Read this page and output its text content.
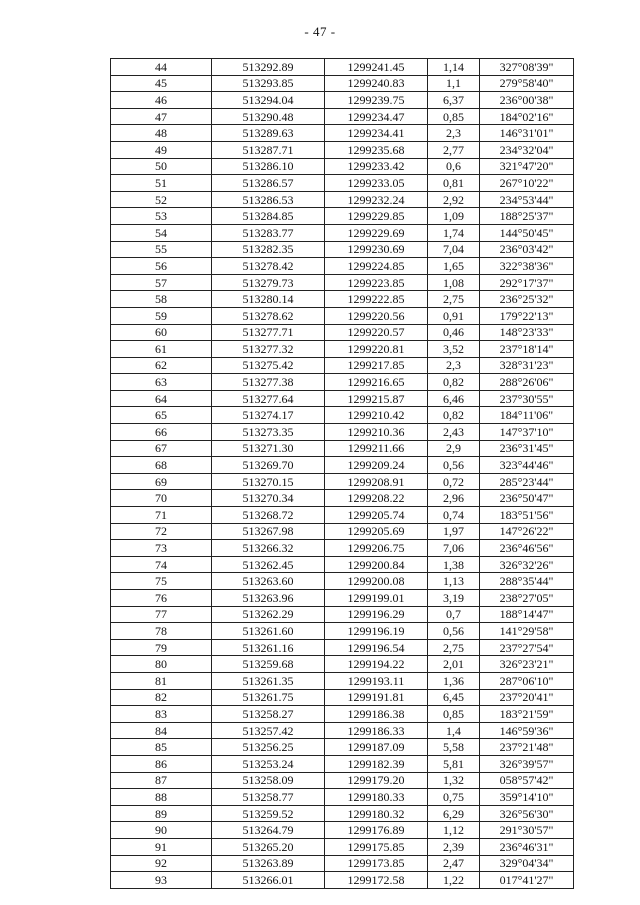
- 47 -
44	513292.89	1299241.45	1,14	327°08'39"
45	513293.85	1299240.83	1,1	279°58'40"
46	513294.04	1299239.75	6,37	236°00'38"
47	513290.48	1299234.47	0,85	184°02'16"
48	513289.63	1299234.41	2,3	146°31'01"
49	513287.71	1299235.68	2,77	234°32'04"
50	513286.10	1299233.42	0,6	321°47'20"
51	513286.57	1299233.05	0,81	267°10'22"
52	513286.53	1299232.24	2,92	234°53'44"
53	513284.85	1299229.85	1,09	188°25'37"
54	513283.77	1299229.69	1,74	144°50'45"
55	513282.35	1299230.69	7,04	236°03'42"
56	513278.42	1299224.85	1,65	322°38'36"
57	513279.73	1299223.85	1,08	292°17'37"
58	513280.14	1299222.85	2,75	236°25'32"
59	513278.62	1299220.56	0,91	179°22'13"
60	513277.71	1299220.57	0,46	148°23'33"
61	513277.32	1299220.81	3,52	237°18'14"
62	513275.42	1299217.85	2,3	328°31'23"
63	513277.38	1299216.65	0,82	288°26'06"
64	513277.64	1299215.87	6,46	237°30'55"
65	513274.17	1299210.42	0,82	184°11'06"
66	513273.35	1299210.36	2,43	147°37'10"
67	513271.30	1299211.66	2,9	236°31'45"
68	513269.70	1299209.24	0,56	323°44'46"
69	513270.15	1299208.91	0,72	285°23'44"
70	513270.34	1299208.22	2,96	236°50'47"
71	513268.72	1299205.74	0,74	183°51'56"
72	513267.98	1299205.69	1,97	147°26'22"
73	513266.32	1299206.75	7,06	236°46'56"
74	513262.45	1299200.84	1,38	326°32'26"
75	513263.60	1299200.08	1,13	288°35'44"
76	513263.96	1299199.01	3,19	238°27'05"
77	513262.29	1299196.29	0,7	188°14'47"
78	513261.60	1299196.19	0,56	141°29'58"
79	513261.16	1299196.54	2,75	237°27'54"
80	513259.68	1299194.22	2,01	326°23'21"
81	513261.35	1299193.11	1,36	287°06'10"
82	513261.75	1299191.81	6,45	237°20'41"
83	513258.27	1299186.38	0,85	183°21'59"
84	513257.42	1299186.33	1,4	146°59'36"
85	513256.25	1299187.09	5,58	237°21'48"
86	513253.24	1299182.39	5,81	326°39'57"
87	513258.09	1299179.20	1,32	058°57'42"
88	513258.77	1299180.33	0,75	359°14'10"
89	513259.52	1299180.32	6,29	326°56'30"
90	513264.79	1299176.89	1,12	291°30'57"
91	513265.20	1299175.85	2,39	236°46'31"
92	513263.89	1299173.85	2,47	329°04'34"
93	513266.01	1299172.58	1,22	017°41'27"
